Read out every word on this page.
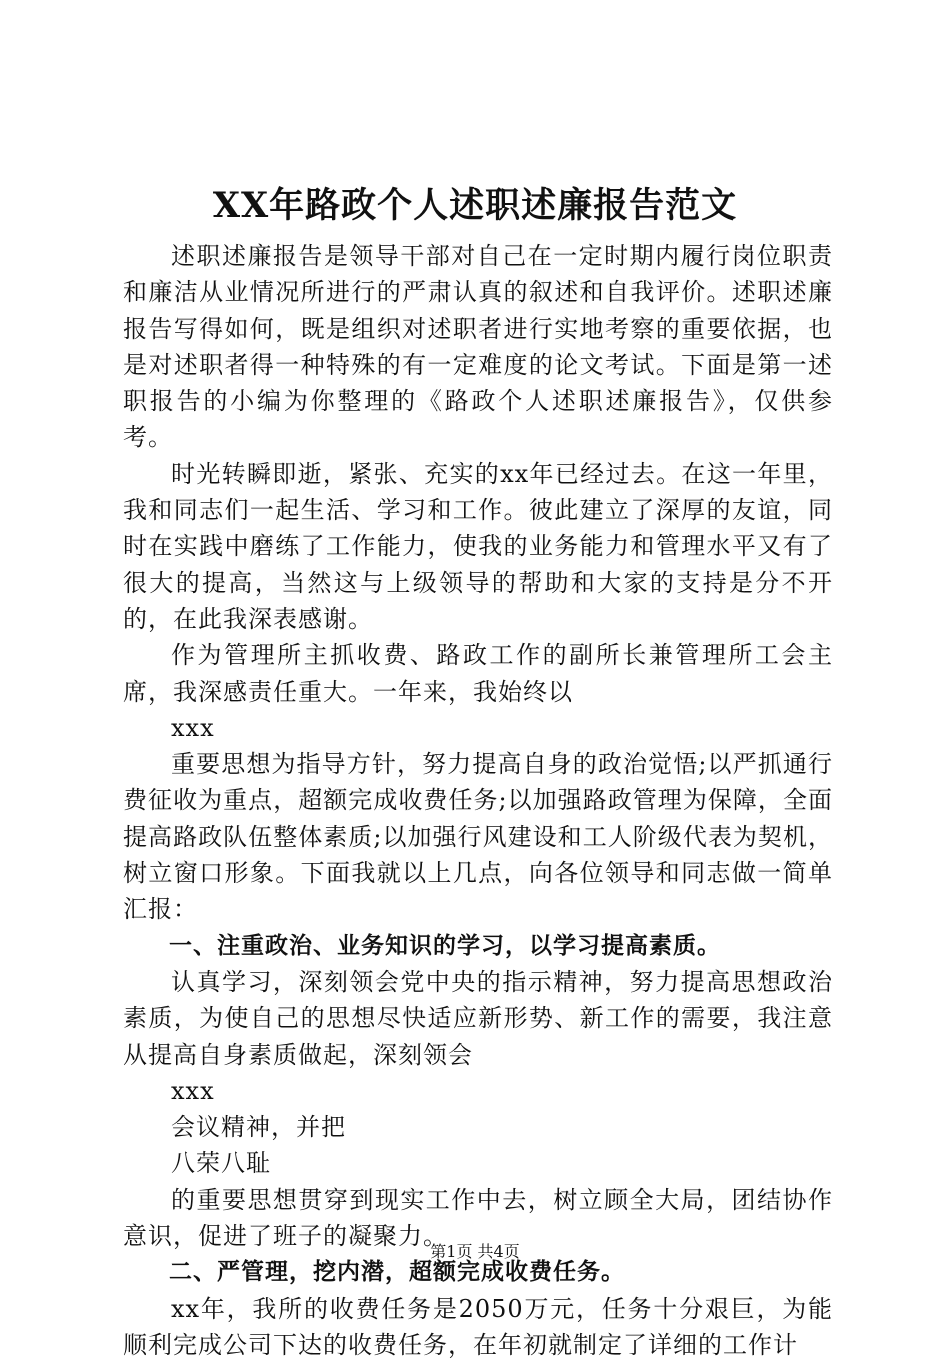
XX年路政个人述职述廉报告范文

述职述廉报告是领导干部对自己在一定时期内履行岗位职责和廉洁从业情况所进行的严肃认真的叙述和自我评价。述职述廉报告写得如何，既是组织对述职者进行实地考察的重要依据，也是对述职者得一种特殊的有一定难度的论文考试。下面是第一述职报告的小编为你整理的《路政个人述职述廉报告》，仅供参考。

时光转瞬即逝，紧张、充实的xx年已经过去。在这一年里，我和同志们一起生活、学习和工作。彼此建立了深厚的友谊，同时在实践中磨练了工作能力，使我的业务能力和管理水平又有了很大的提高，当然这与上级领导的帮助和大家的支持是分不开的，在此我深表感谢。

作为管理所主抓收费、路政工作的副所长兼管理所工会主席，我深感责任重大。一年来，我始终以

xxx

重要思想为指导方针，努力提高自身的政治觉悟;以严抓通行费征收为重点，超额完成收费任务;以加强路政管理为保障，全面提高路政队伍整体素质;以加强行风建设和工人阶级代表为契机，树立窗口形象。下面我就以上几点，向各位领导和同志做一简单汇报：

一、注重政治、业务知识的学习，以学习提高素质。

认真学习，深刻领会党中央的指示精神，努力提高思想政治素质，为使自己的思想尽快适应新形势、新工作的需要，我注意从提高自身素质做起，深刻领会

xxx

会议精神，并把

八荣八耻

的重要思想贯穿到现实工作中去，树立顾全大局，团结协作意识，促进了班子的凝聚力。

二、严管理，挖内潜，超额完成收费任务。

xx年，我所的收费任务是2050万元，任务十分艰巨，为能顺利完成公司下达的收费任务，在年初就制定了详细的工作计

第1页 共4页
